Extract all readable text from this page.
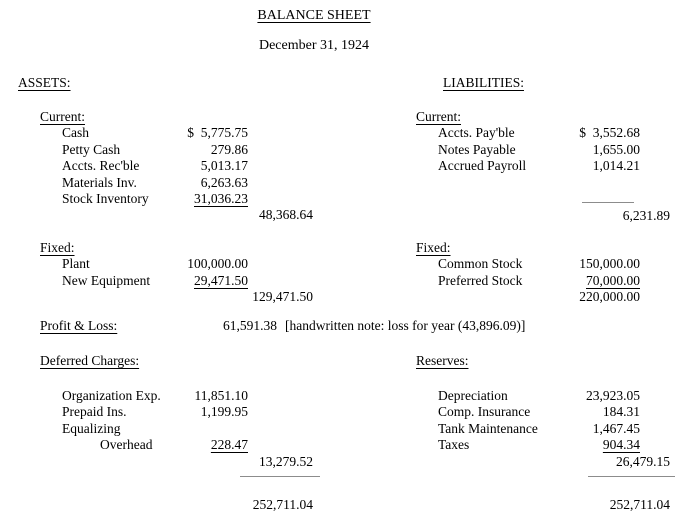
BALANCE SHEET
December 31, 1924
ASSETS:	LIABILITIES:
Current:
Cash	$  5,775.75
Petty Cash	279.86
Accts. Rec'ble	5,013.17
Materials Inv.	6,263.63
Stock Inventory	31,036.23
48,368.64
Current:
Accts. Pay'ble	$  3,552.68
Notes Payable	1,655.00
Accrued Payroll	1,014.21
6,231.89
Fixed:
Plant	100,000.00
New Equipment	29,471.50
129,471.50
Fixed:
Common Stock	150,000.00
Preferred Stock	70,000.00
220,000.00
Profit & Loss:	61,591.38 [handwritten note: loss for year (43,896.09)]
Deferred Charges:	Reserves:
Organization Exp.	11,851.10
Prepaid Ins.	1,199.95
Equalizing
Overhead	228.47
13,279.52
Depreciation	23,923.05
Comp. Insurance	184.31
Tank Maintenance	1,467.45
Taxes	904.34
26,479.15
252,711.04	252,711.04
